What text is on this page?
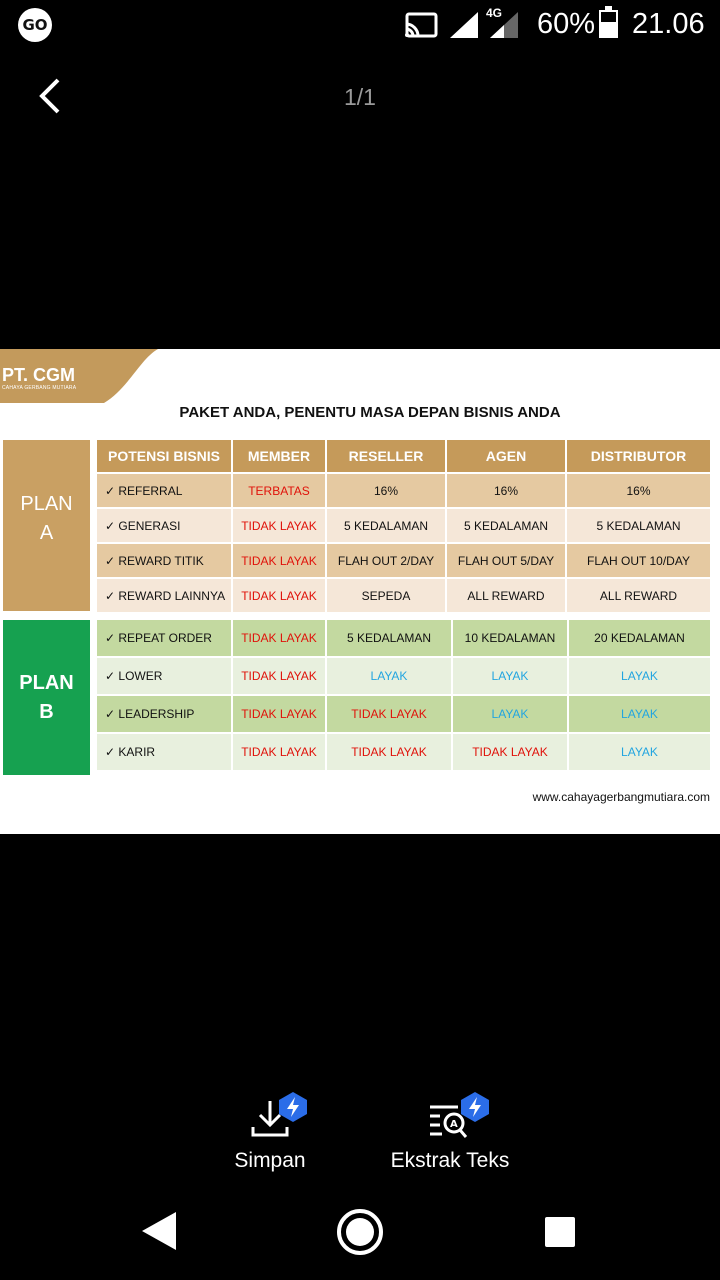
GO
4G 60% 21.06
1/1
PT. CGM
CAHAYA GERBANG MUTIARA
PAKET ANDA, PENENTU MASA DEPAN BISNIS ANDA
PLAN
A
PLAN
B
POTENSI BISNIS	MEMBER	RESELLER	AGEN	DISTRIBUTOR
✓ REFERRAL	TERBATAS	16%	16%	16%
✓ GENERASI	TIDAK LAYAK	5 KEDALAMAN	5 KEDALAMAN	5 KEDALAMAN
✓ REWARD TITIK	TIDAK LAYAK	FLAH OUT 2/DAY	FLAH OUT 5/DAY	FLAH OUT 10/DAY
✓ REWARD LAINNYA	TIDAK LAYAK	SEPEDA	ALL REWARD	ALL REWARD
✓ REPEAT ORDER	TIDAK LAYAK	5 KEDALAMAN	10 KEDALAMAN	20 KEDALAMAN
✓ LOWER	TIDAK LAYAK	LAYAK	LAYAK	LAYAK
✓ LEADERSHIP	TIDAK LAYAK	TIDAK LAYAK	LAYAK	LAYAK
✓ KARIR	TIDAK LAYAK	TIDAK LAYAK	TIDAK LAYAK	LAYAK
www.cahayagerbangmutiara.com
Simpan
A
Ekstrak Teks
